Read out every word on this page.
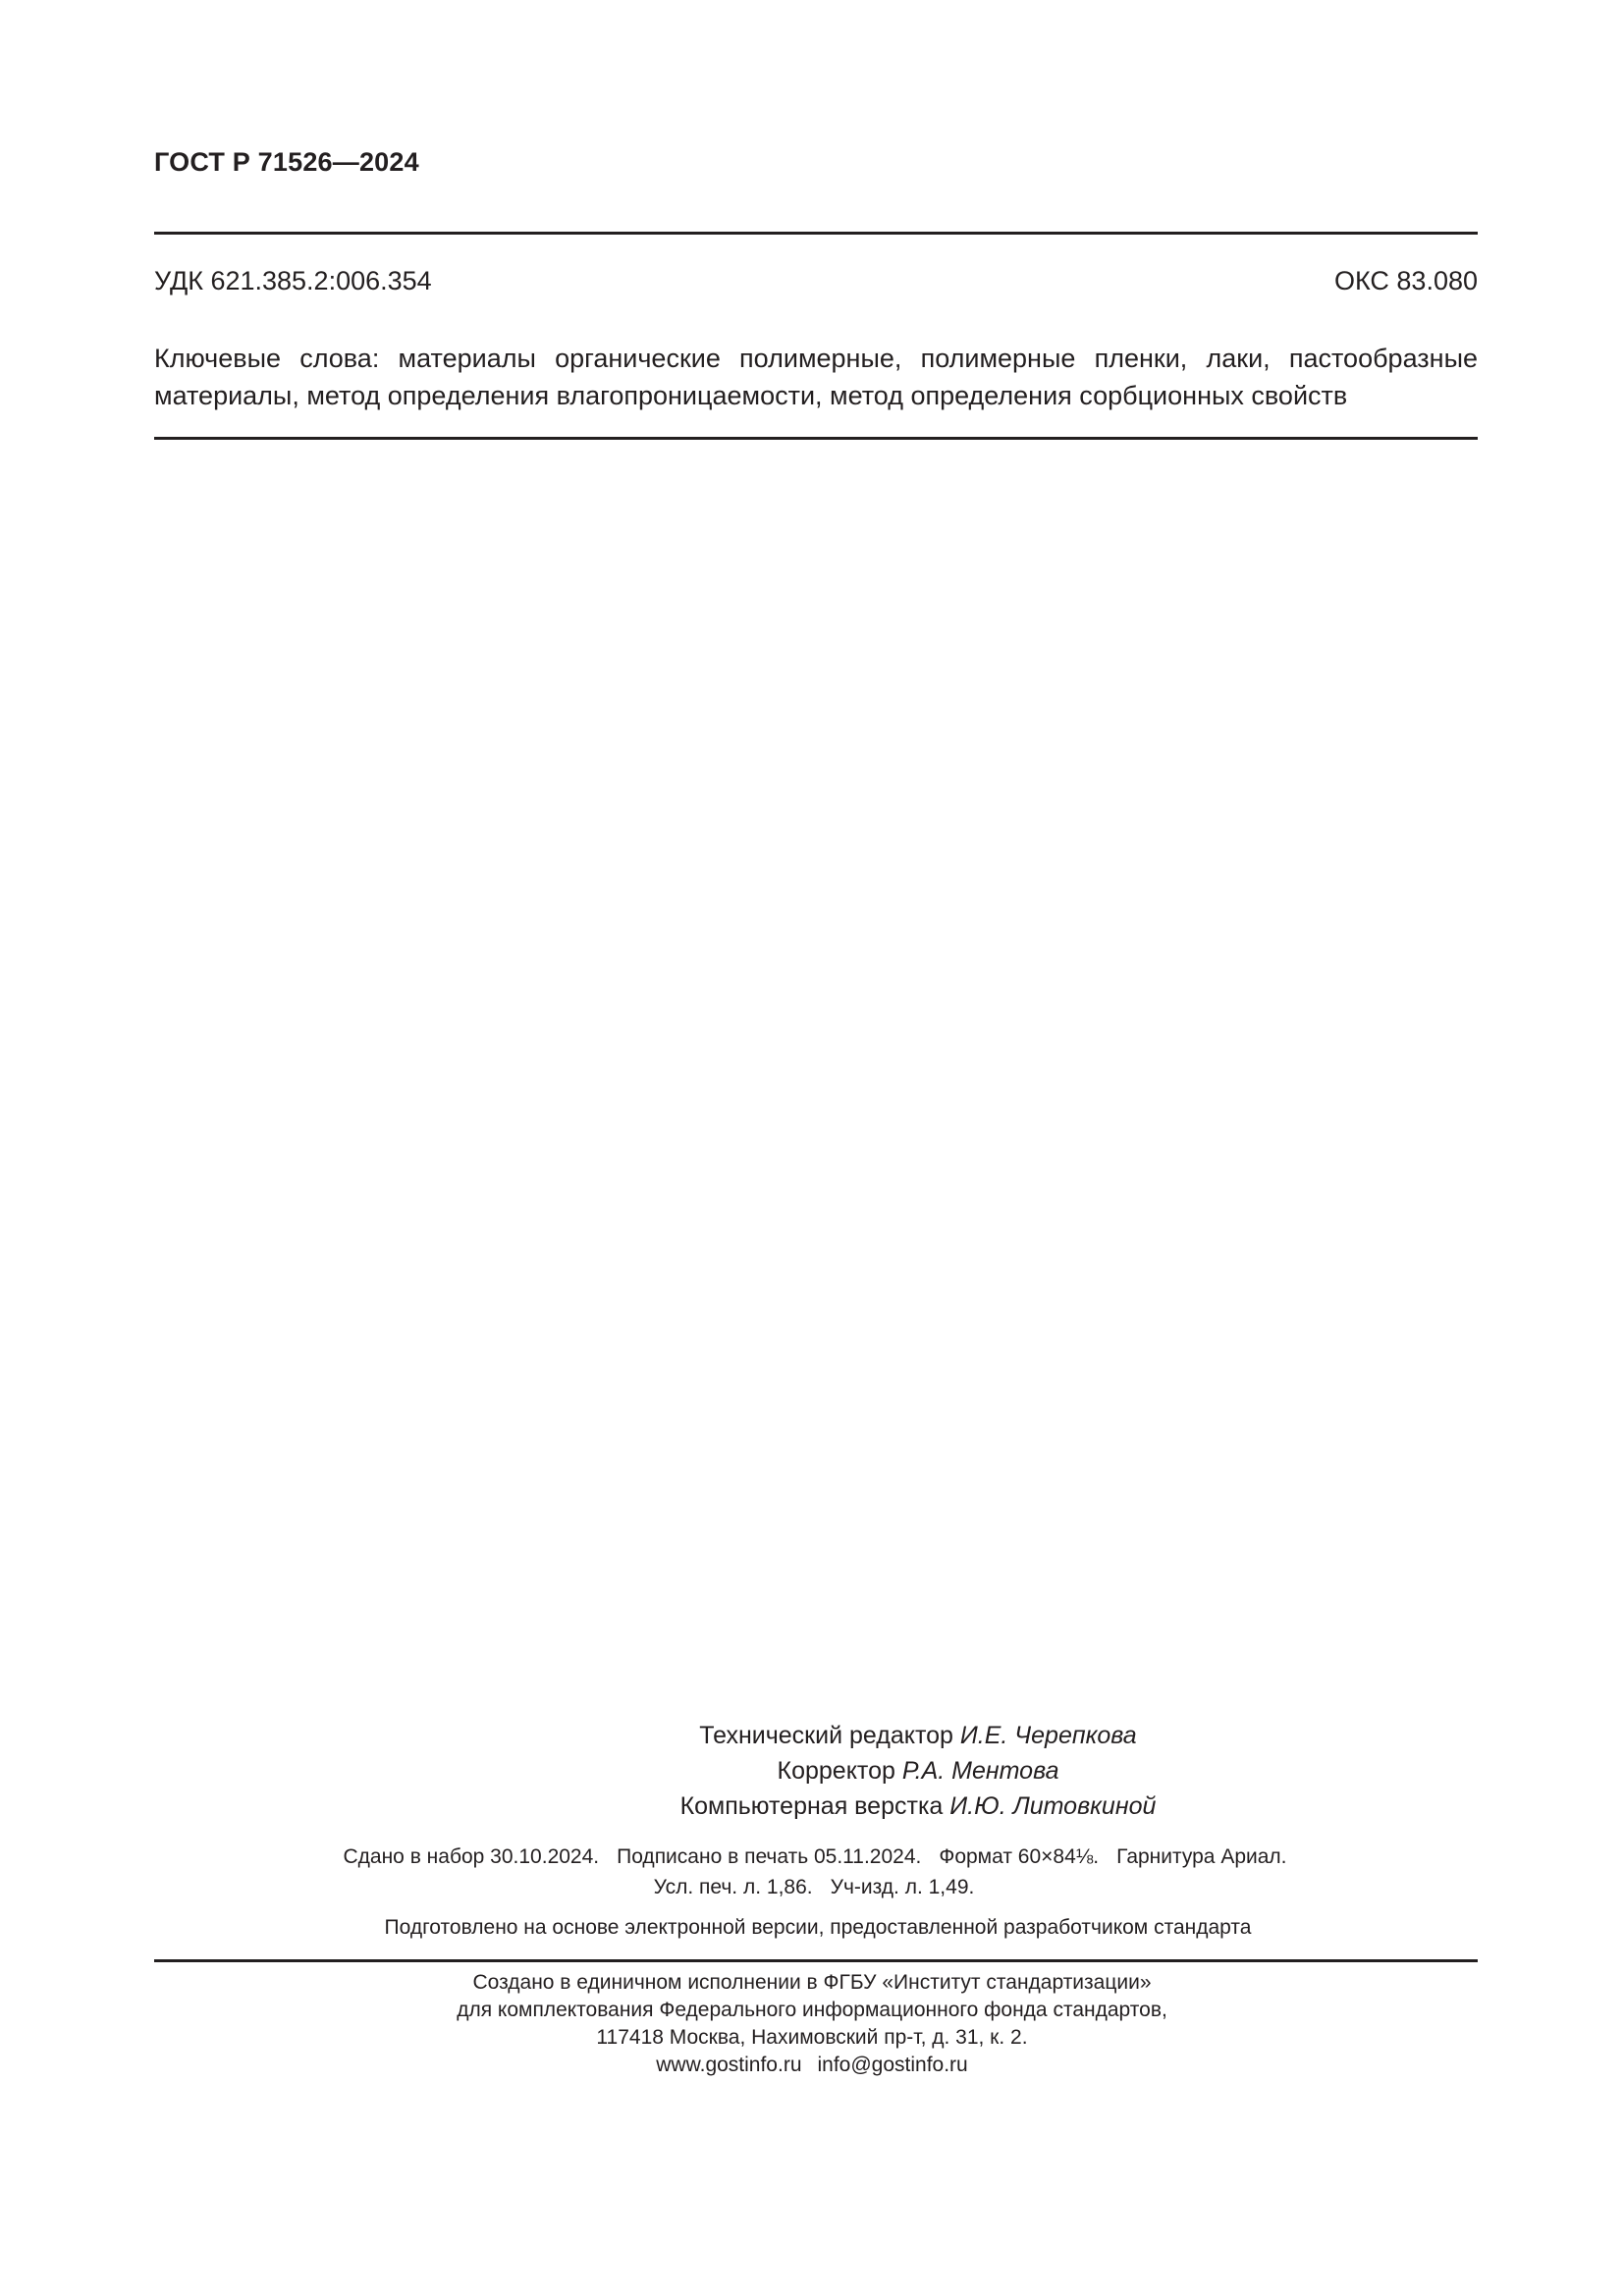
ГОСТ Р 71526—2024
УДК 621.385.2:006.354	ОКС 83.080

Ключевые слова: материалы органические полимерные, полимерные пленки, лаки, пастообразные материалы, метод определения влагопроницаемости, метод определения сорбционных свойств

Технический редактор И.Е. Черепкова
Корректор Р.А. Ментова
Компьютерная верстка И.Ю. Литовкиной
Сдано в набор 30.10.2024. Подписано в печать 05.11.2024. Формат 60×84⅛. Гарнитура Ариал.
Усл. печ. л. 1,86. Уч-изд. л. 1,49.
Подготовлено на основе электронной версии, предоставленной разработчиком стандарта
Создано в единичном исполнении в ФГБУ «Институт стандартизации»
для комплектования Федерального информационного фонда стандартов,
117418 Москва, Нахимовский пр-т, д. 31, к. 2.
www.gostinfo.ru info@gostinfo.ru
